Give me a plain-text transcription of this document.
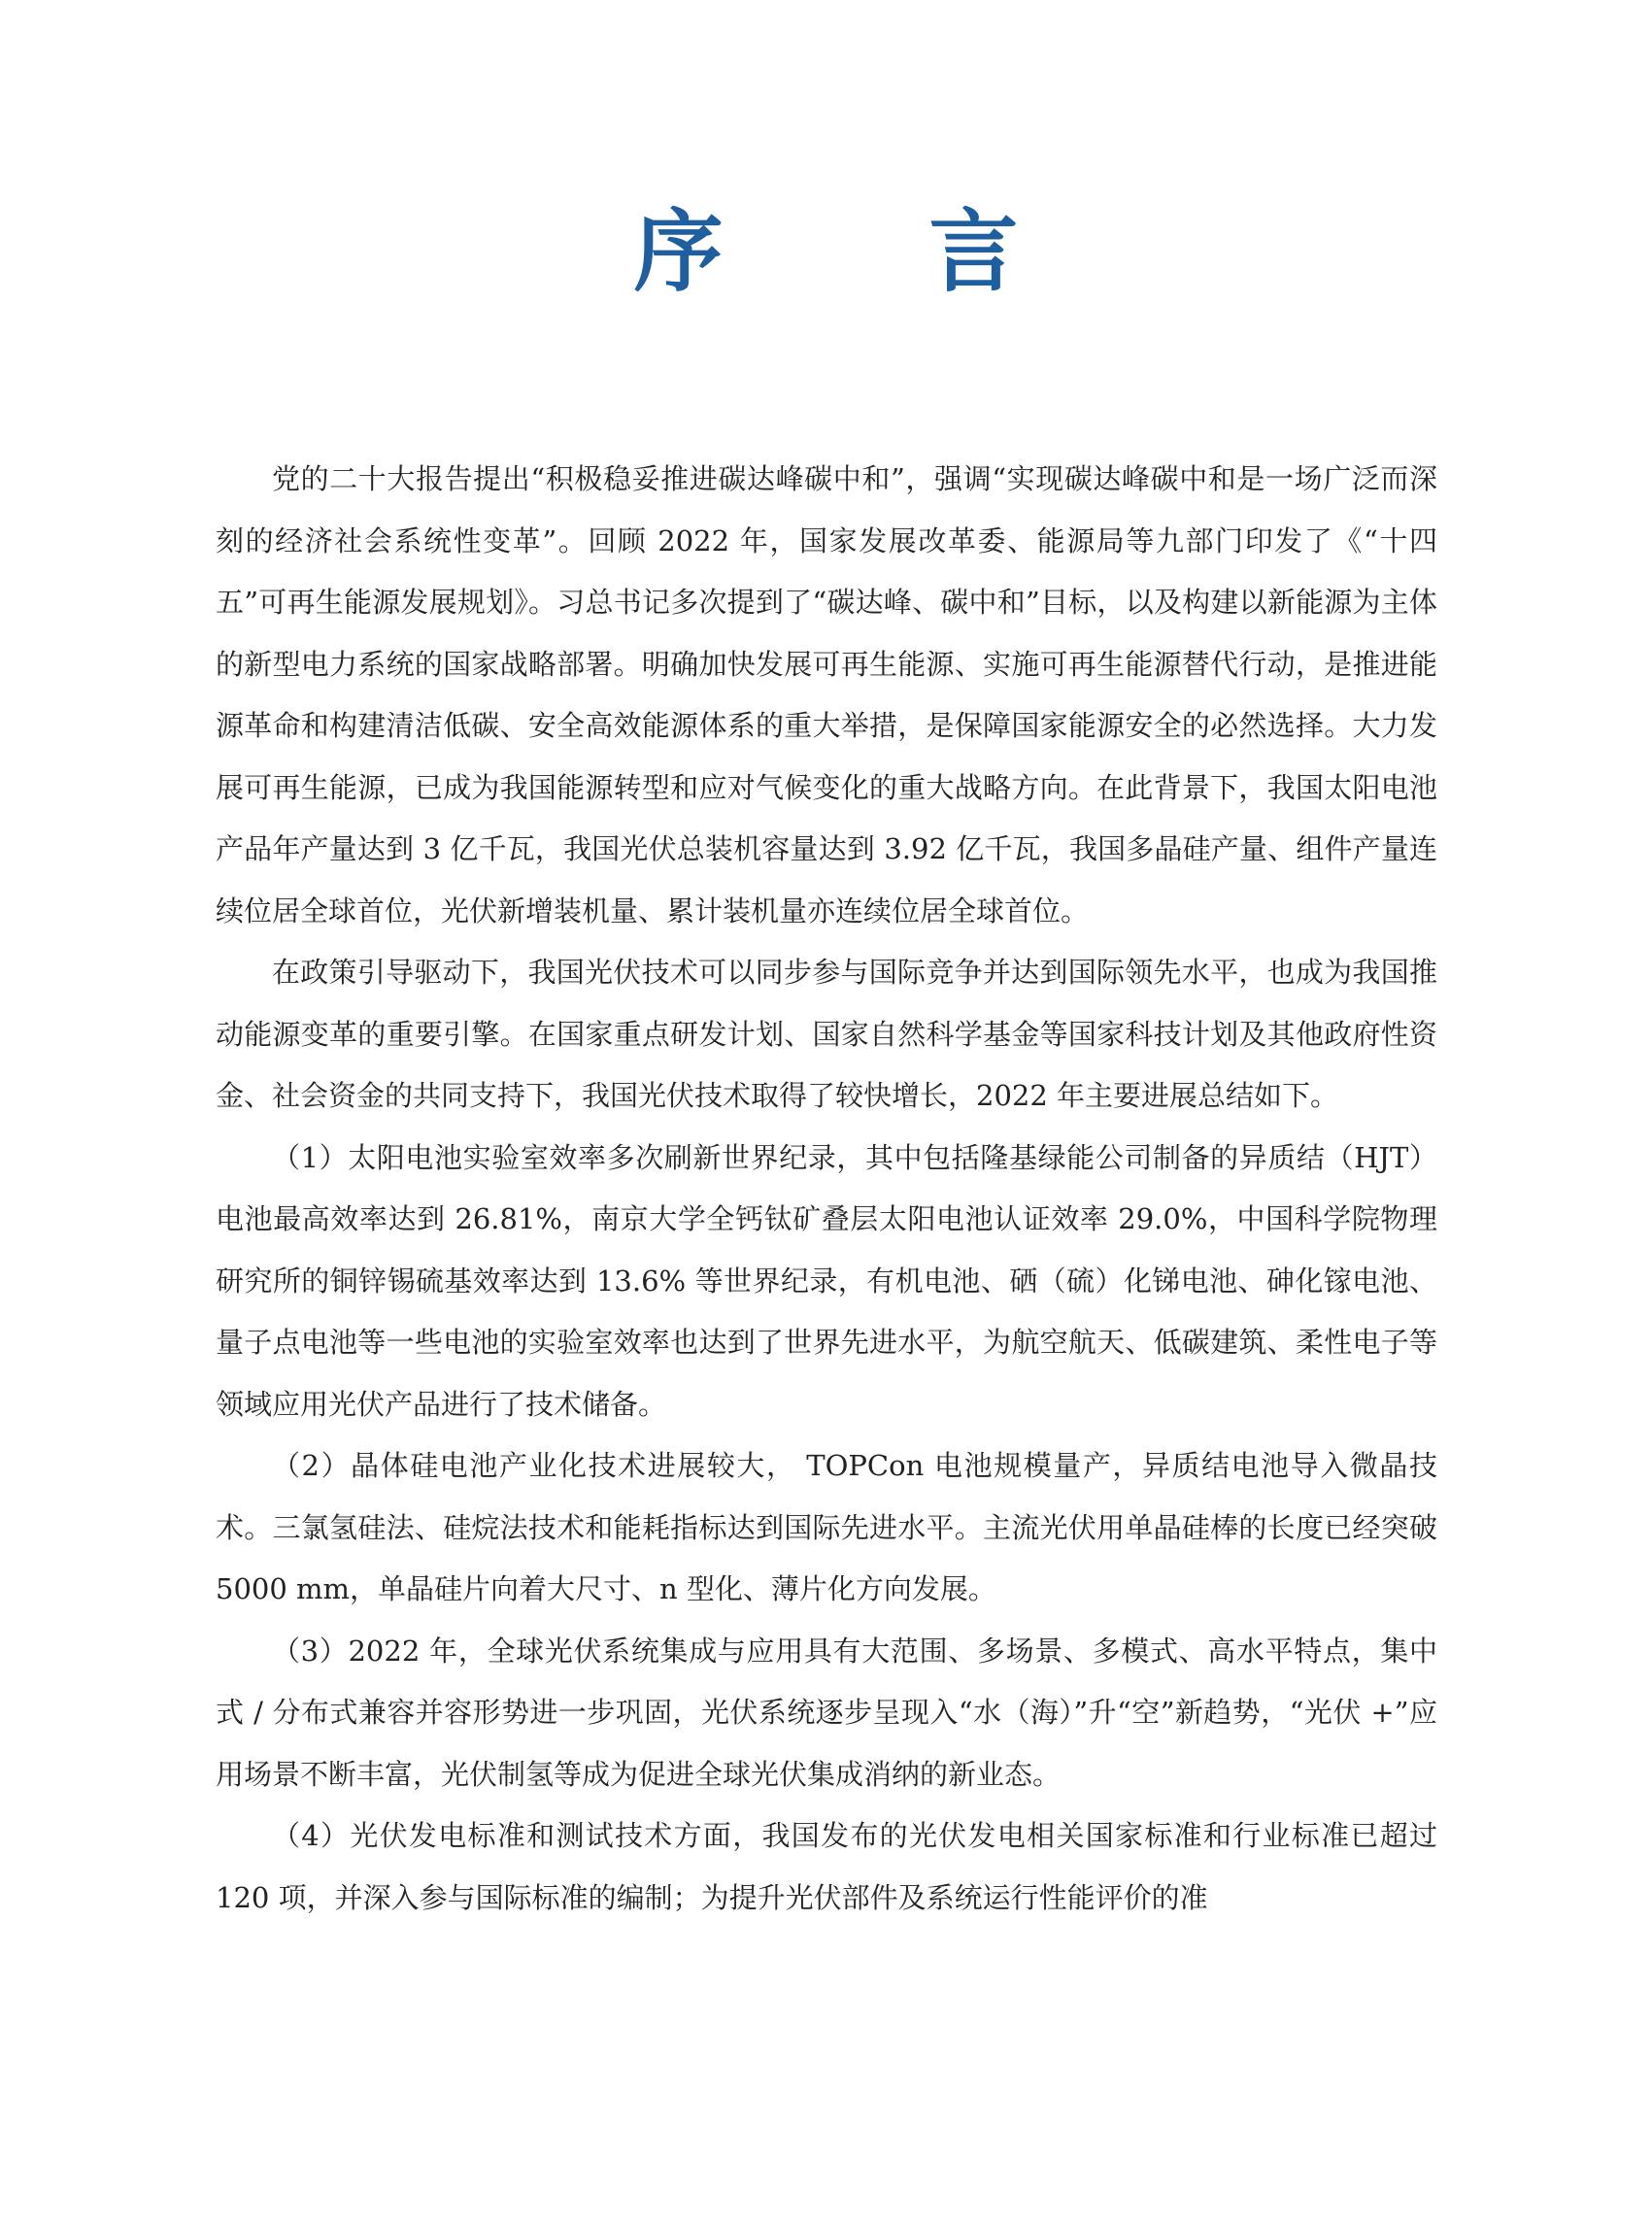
序 言

党的二十大报告提出“积极稳妥推进碳达峰碳中和”，强调“实现碳达峰碳中和是一场广泛而深刻的经济社会系统性变革”。回顾 2022 年，国家发展改革委、能源局等九部门印发了《“十四五”可再生能源发展规划》。习总书记多次提到了“碳达峰、碳中和”目标，以及构建以新能源为主体的新型电力系统的国家战略部署。明确加快发展可再生能源、实施可再生能源替代行动，是推进能源革命和构建清洁低碳、安全高效能源体系的重大举措，是保障国家能源安全的必然选择。大力发展可再生能源，已成为我国能源转型和应对气候变化的重大战略方向。在此背景下，我国太阳电池产品年产量达到 3 亿千瓦，我国光伏总装机容量达到 3.92 亿千瓦，我国多晶硅产量、组件产量连续位居全球首位，光伏新增装机量、累计装机量亦连续位居全球首位。

在政策引导驱动下，我国光伏技术可以同步参与国际竞争并达到国际领先水平，也成为我国推动能源变革的重要引擎。在国家重点研发计划、国家自然科学基金等国家科技计划及其他政府性资金、社会资金的共同支持下，我国光伏技术取得了较快增长，2022 年主要进展总结如下。

（1）太阳电池实验室效率多次刷新世界纪录，其中包括隆基绿能公司制备的异质结（HJT）电池最高效率达到 26.81%，南京大学全钙钛矿叠层太阳电池认证效率 29.0%，中国科学院物理研究所的铜锌锡硫基效率达到 13.6% 等世界纪录，有机电池、硒（硫）化锑电池、砷化镓电池、量子点电池等一些电池的实验室效率也达到了世界先进水平，为航空航天、低碳建筑、柔性电子等领域应用光伏产品进行了技术储备。

（2）晶体硅电池产业化技术进展较大， TOPCon 电池规模量产，异质结电池导入微晶技术。三氯氢硅法、硅烷法技术和能耗指标达到国际先进水平。主流光伏用单晶硅棒的长度已经突破 5000 mm，单晶硅片向着大尺寸、n 型化、薄片化方向发展。

（3）2022 年，全球光伏系统集成与应用具有大范围、多场景、多模式、高水平特点，集中式 / 分布式兼容并容形势进一步巩固，光伏系统逐步呈现入“水（海）”升“空”新趋势，“光伏 +”应用场景不断丰富，光伏制氢等成为促进全球光伏集成消纳的新业态。

（4）光伏发电标准和测试技术方面，我国发布的光伏发电相关国家标准和行业标准已超过 120 项，并深入参与国际标准的编制；为提升光伏部件及系统运行性能评价的准
